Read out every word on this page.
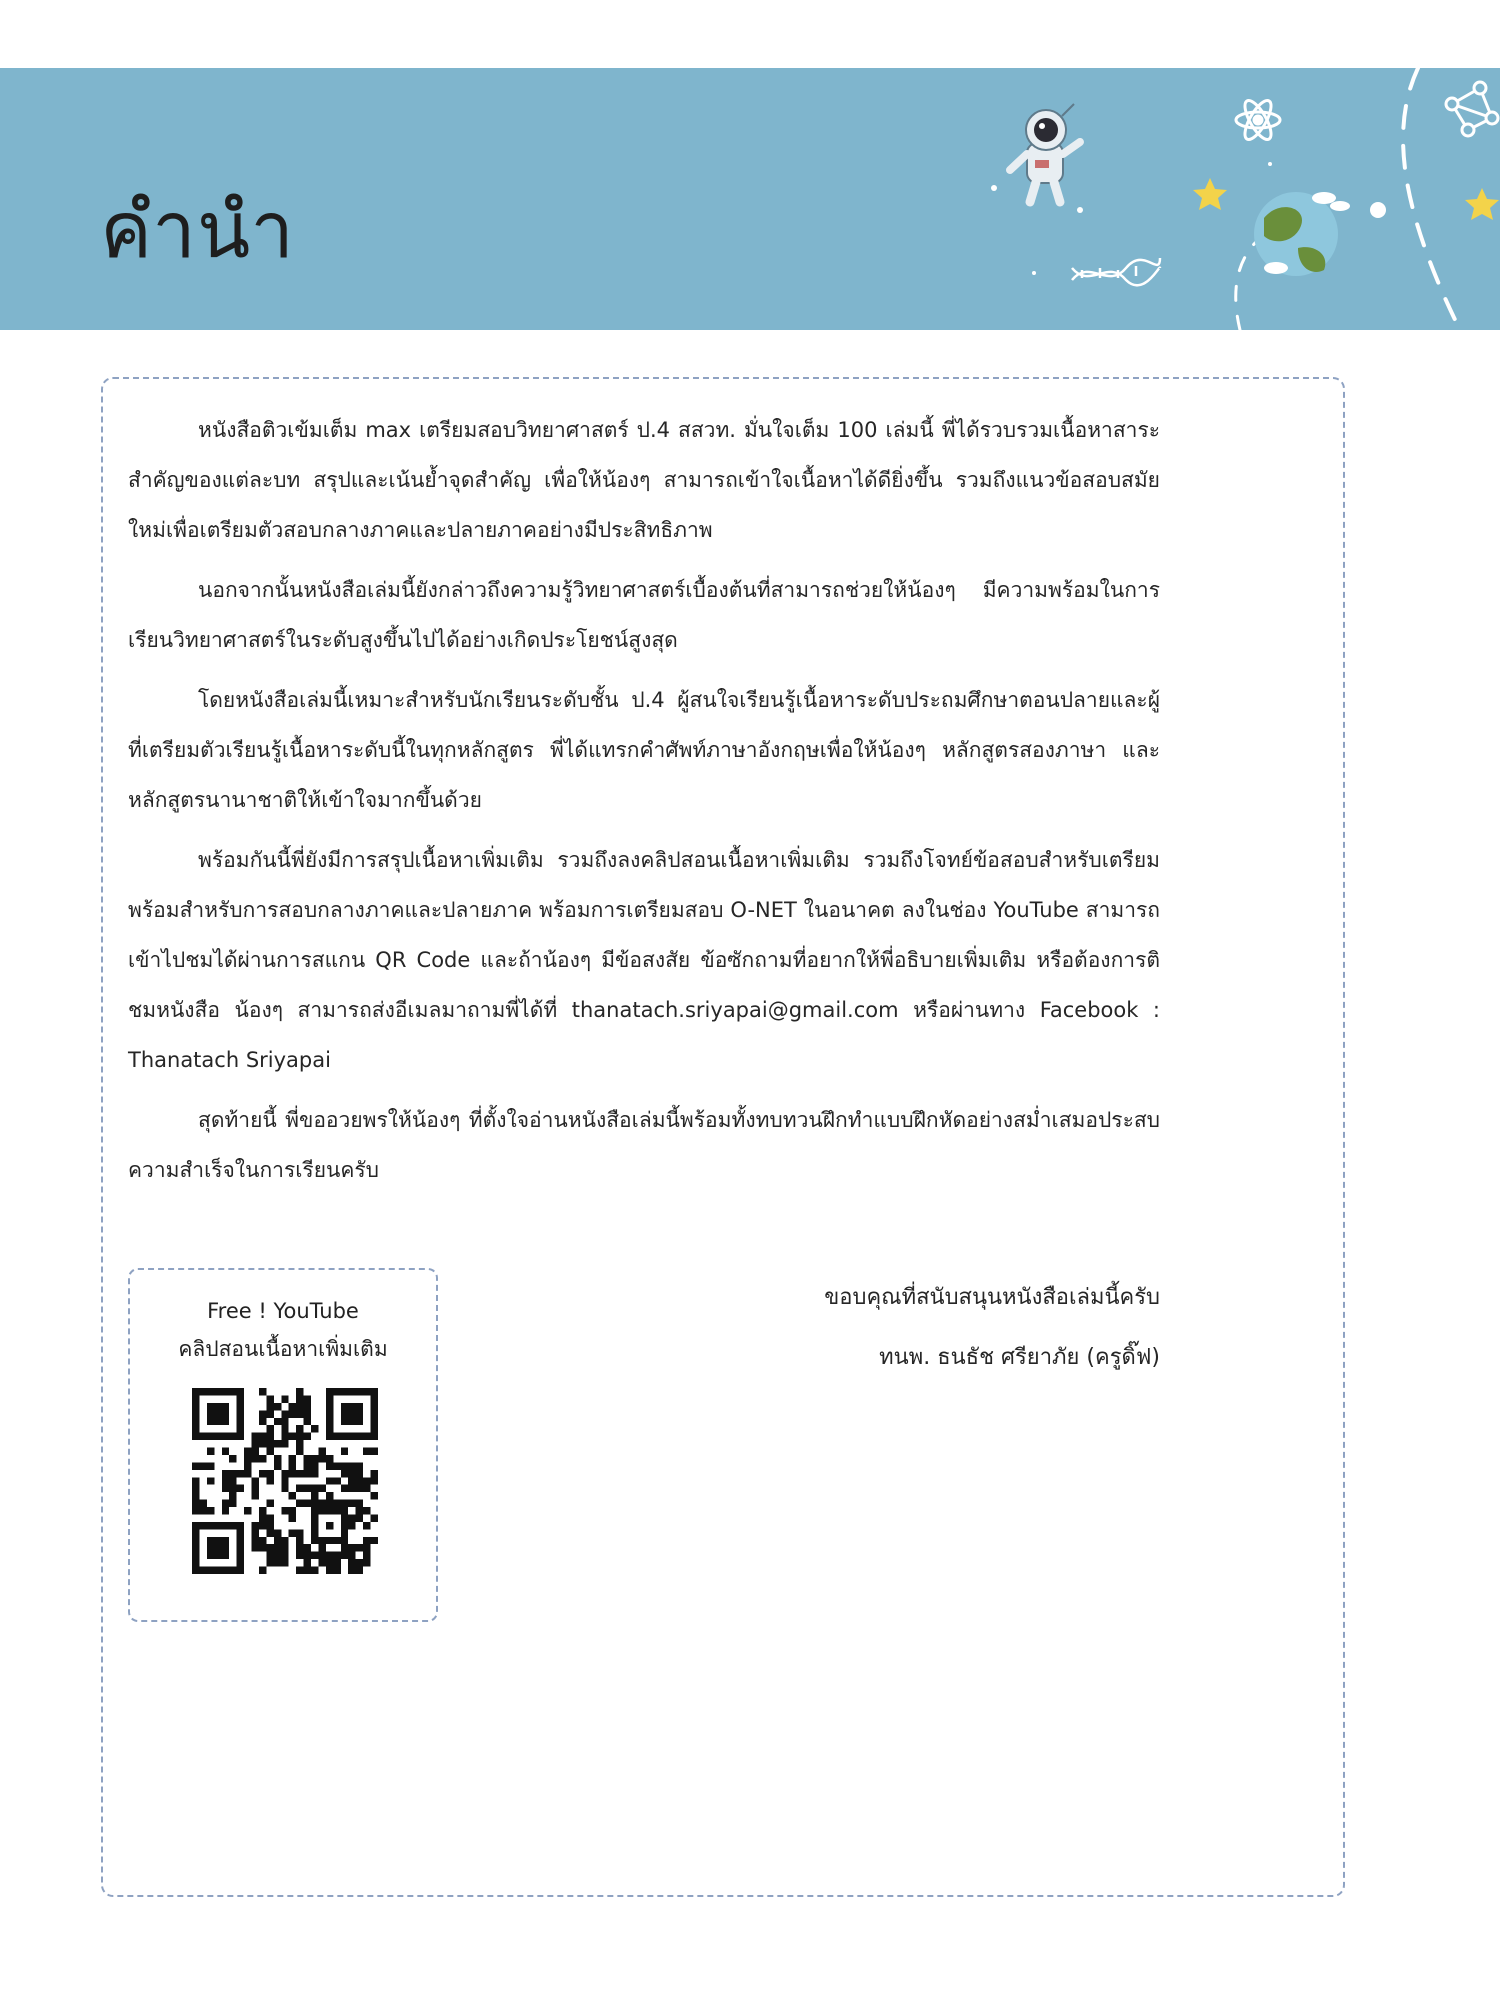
คำนำ

หนังสือติวเข้มเต็ม max เตรียมสอบวิทยาศาสตร์ ป.4 สสวท. มั่นใจเต็ม 100 เล่มนี้ พี่ได้รวบรวมเนื้อหาสาระสำคัญของแต่ละบท สรุปและเน้นย้ำจุดสำคัญ เพื่อให้น้องๆ สามารถเข้าใจเนื้อหาได้ดียิ่งขึ้น รวมถึงแนวข้อสอบสมัยใหม่เพื่อเตรียมตัวสอบกลางภาคและปลายภาคอย่างมีประสิทธิภาพ

นอกจากนั้นหนังสือเล่มนี้ยังกล่าวถึงความรู้วิทยาศาสตร์เบื้องต้นที่สามารถช่วยให้น้องๆ มีความพร้อมในการเรียนวิทยาศาสตร์ในระดับสูงขึ้นไปได้อย่างเกิดประโยชน์สูงสุด

โดยหนังสือเล่มนี้เหมาะสำหรับนักเรียนระดับชั้น ป.4 ผู้สนใจเรียนรู้เนื้อหาระดับประถมศึกษาตอนปลายและผู้ที่เตรียมตัวเรียนรู้เนื้อหาระดับนี้ในทุกหลักสูตร พี่ได้แทรกคำศัพท์ภาษาอังกฤษเพื่อให้น้องๆ หลักสูตรสองภาษา และหลักสูตรนานาชาติให้เข้าใจมากขึ้นด้วย

พร้อมกันนี้พี่ยังมีการสรุปเนื้อหาเพิ่มเติม รวมถึงลงคลิปสอนเนื้อหาเพิ่มเติม รวมถึงโจทย์ข้อสอบสำหรับเตรียมพร้อมสำหรับการสอบกลางภาคและปลายภาค พร้อมการเตรียมสอบ O-NET ในอนาคต ลงในช่อง YouTube สามารถเข้าไปชมได้ผ่านการสแกน QR Code และถ้าน้องๆ มีข้อสงสัย ข้อซักถามที่อยากให้พี่อธิบายเพิ่มเติม หรือต้องการติชมหนังสือ น้องๆ สามารถส่งอีเมลมาถามพี่ได้ที่ thanatach.sriyapai@gmail.com หรือผ่านทาง Facebook : Thanatach Sriyapai

สุดท้ายนี้ พี่ขออวยพรให้น้องๆ ที่ตั้งใจอ่านหนังสือเล่มนี้พร้อมทั้งทบทวนฝึกทำแบบฝึกหัดอย่างสม่ำเสมอประสบความสำเร็จในการเรียนครับ

Free ! YouTube
คลิปสอนเนื้อหาเพิ่มเติม
ขอบคุณที่สนับสนุนหนังสือเล่มนี้ครับ
ทนพ. ธนธัช ศรียาภัย (ครูดิ๊ฟ)
